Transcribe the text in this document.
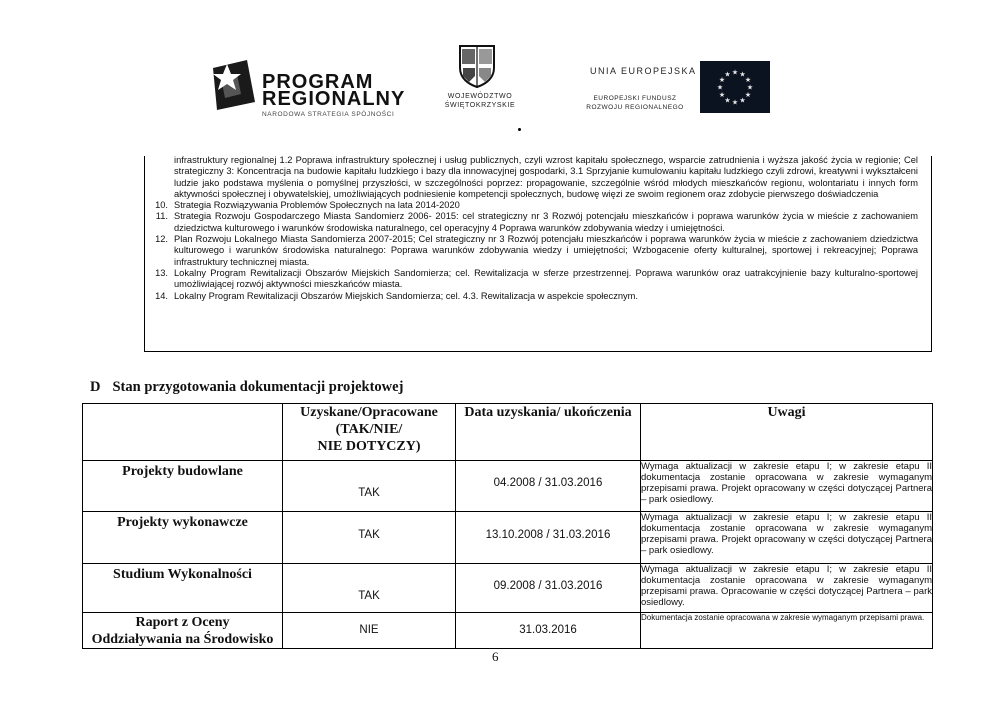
PROGRAM
REGIONALNY
NARODOWA STRATEGIA SPÓJNOŚCI
WOJEWÓDZTWO
ŚWIĘTOKRZYSKIE
UNIA EUROPEJSKA
EUROPEJSKI FUNDUSZ
ROZWOJU REGIONALNEGO
★ ★
★
★
★
★
★
★
★
★
★
★
infrastruktury regionalnej 1.2 Poprawa infrastruktury społecznej i usług publicznych, czyli wzrost kapitału społecznego, wsparcie zatrudnienia i wyższa jakość życia w regionie; Cel strategiczny 3: Koncentracja na budowie kapitału ludzkiego i bazy dla innowacyjnej gospodarki, 3.1 Sprzyjanie kumulowaniu kapitału ludzkiego czyli zdrowi, kreatywni i wykształceni ludzie jako podstawa myślenia o pomyślnej przyszłości, w szczególności poprzez: propagowanie, szczególnie wśród młodych mieszkańców regionu, wolontariatu i innych form aktywności społecznej i obywatelskiej, umożliwiających podniesienie kompetencji społecznych, budowę więzi ze swoim regionem oraz zdobycie pierwszego doświadczenia
10. Strategia Rozwiązywania Problemów Społecznych na lata 2014-2020
11. Strategia Rozwoju Gospodarczego Miasta Sandomierz 2006- 2015: cel strategiczny nr 3 Rozwój potencjału mieszkańców i poprawa warunków życia w mieście z zachowaniem dziedzictwa kulturowego i warunków środowiska naturalnego, cel operacyjny 4 Poprawa warunków zdobywania wiedzy i umiejętności.
12. Plan Rozwoju Lokalnego Miasta Sandomierza 2007-2015; Cel strategiczny nr 3 Rozwój potencjału mieszkańców i poprawa warunków życia w mieście z zachowaniem dziedzictwa kulturowego i warunków środowiska naturalnego: Poprawa warunków zdobywania wiedzy i umiejętności; Wzbogacenie oferty kulturalnej, sportowej i rekreacyjnej; Poprawa infrastruktury technicznej miasta.
13. Lokalny Program Rewitalizacji Obszarów Miejskich Sandomierza; cel. Rewitalizacja w sferze przestrzennej. Poprawa warunków oraz uatrakcyjnienie bazy kulturalno-sportowej umożliwiającej rozwój aktywności mieszkańców miasta.
14. Lokalny Program Rewitalizacji Obszarów Miejskich Sandomierza; cel. 4.3. Rewitalizacja w aspekcie społecznym.
D Stan przygotowania dokumentacji projektowej

	Uzyskane/Opracowane
(TAK/NIE/
NIE DOTYCZY)	Data uzyskania/ ukończenia	Uwagi
Projekty budowlane	TAK	04.2008 / 31.03.2016	Wymaga aktualizacji w zakresie etapu I; w zakresie etapu II dokumentacja zostanie opracowana w zakresie wymaganym przepisami prawa. Projekt opracowany w części dotyczącej Partnera – park osiedlowy.
Projekty wykonawcze	TAK	13.10.2008 / 31.03.2016	Wymaga aktualizacji w zakresie etapu I; w zakresie etapu II dokumentacja zostanie opracowana w zakresie wymaganym przepisami prawa. Projekt opracowany w części dotyczącej Partnera – park osiedlowy.
Studium Wykonalności	TAK	09.2008 / 31.03.2016	Wymaga aktualizacji w zakresie etapu I; w zakresie etapu II dokumentacja zostanie opracowana w zakresie wymaganym przepisami prawa. Opracowanie w części dotyczącej Partnera – park osiedlowy.

Raport z Oceny
Oddziaływania na Środowisko	NIE	31.03.2016	Dokumentacja zostanie opracowana w zakresie wymaganym przepisami prawa.
6
